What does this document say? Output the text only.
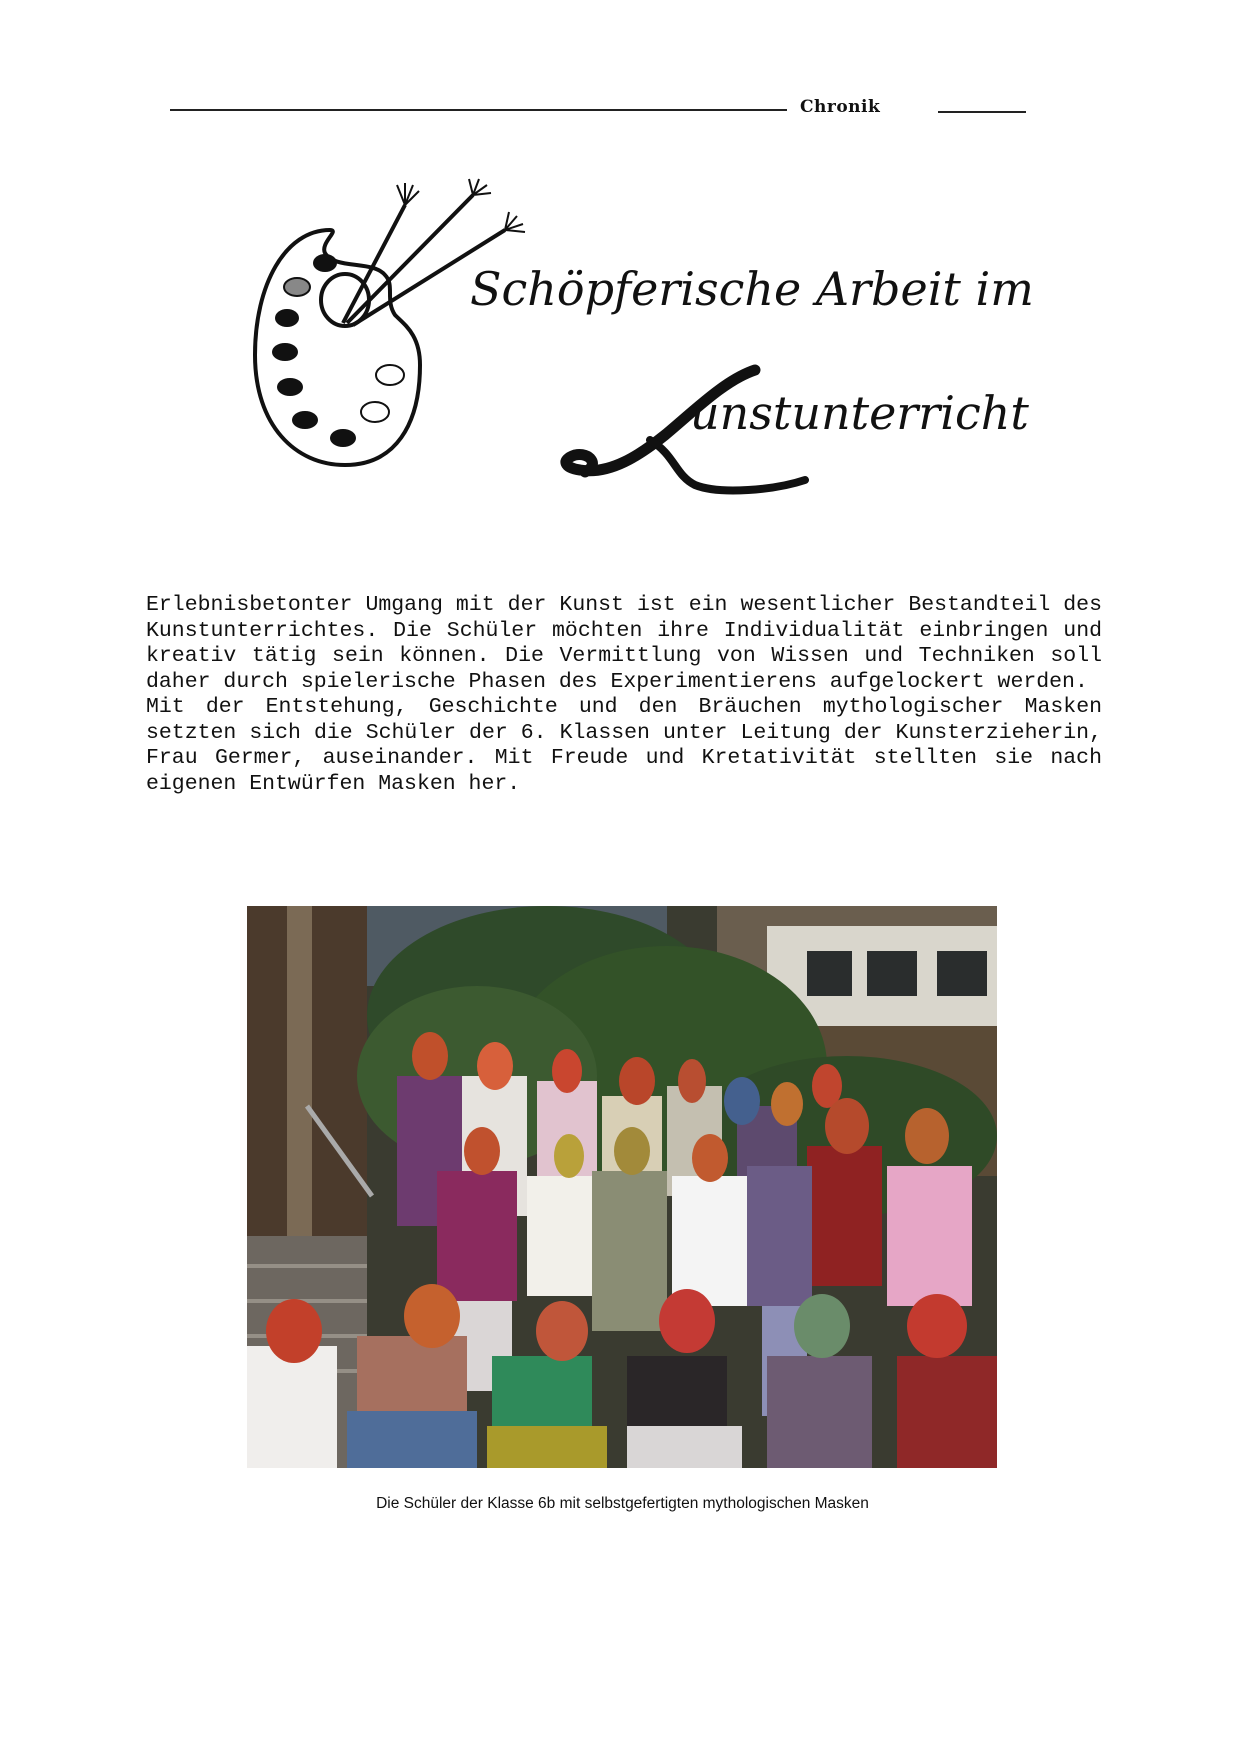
Chronik
Schöpferische Arbeit im
unstunterricht

Erlebnisbetonter Umgang mit der Kunst ist ein wesentlicher Bestandteil des Kunstunterrichtes. Die Schüler möchten ihre Individualität einbringen und kreativ tätig sein können. Die Vermittlung von Wissen und Techniken soll daher durch spielerische Phasen des Experimentierens aufgelockert werden.

Mit der Entstehung, Geschichte und den Bräuchen mythologischer Masken setzten sich die Schüler der 6. Klassen unter Leitung der Kunsterzieherin, Frau Germer, auseinander. Mit Freude und Kretativität stellten sie nach eigenen Entwürfen Masken her.

Die Schüler der Klasse 6b mit selbstgefertigten mythologischen Masken
